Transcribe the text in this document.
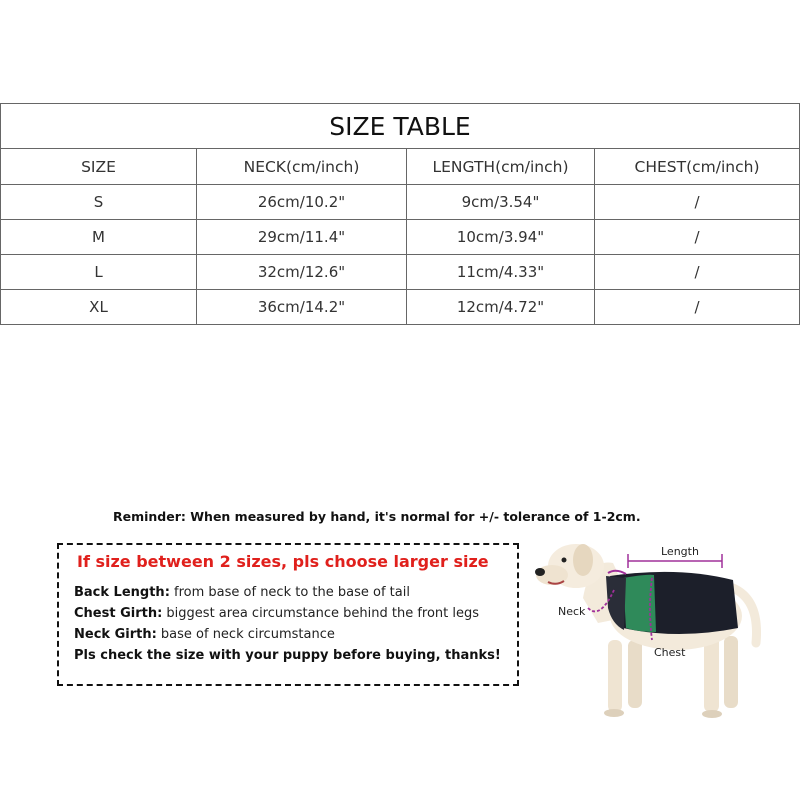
SIZE TABLE			
SIZE	NECK(cm/inch)	LENGTH(cm/inch)	CHEST(cm/inch)
S	26cm/10.2"	9cm/3.54"	/
M	29cm/11.4"	10cm/3.94"	/
L	32cm/12.6"	11cm/4.33"	/
XL	36cm/14.2"	12cm/4.72"	/
Reminder: When measured by hand, it's normal for +/- tolerance of 1-2cm.
If size between 2 sizes, pls choose larger size
Back Length: from base of neck to the base of tail
Chest Girth: biggest area circumstance behind the front legs
Neck Girth: base of neck circumstance
Pls check the size with your puppy before buying, thanks!
Length
Neck
Chest
